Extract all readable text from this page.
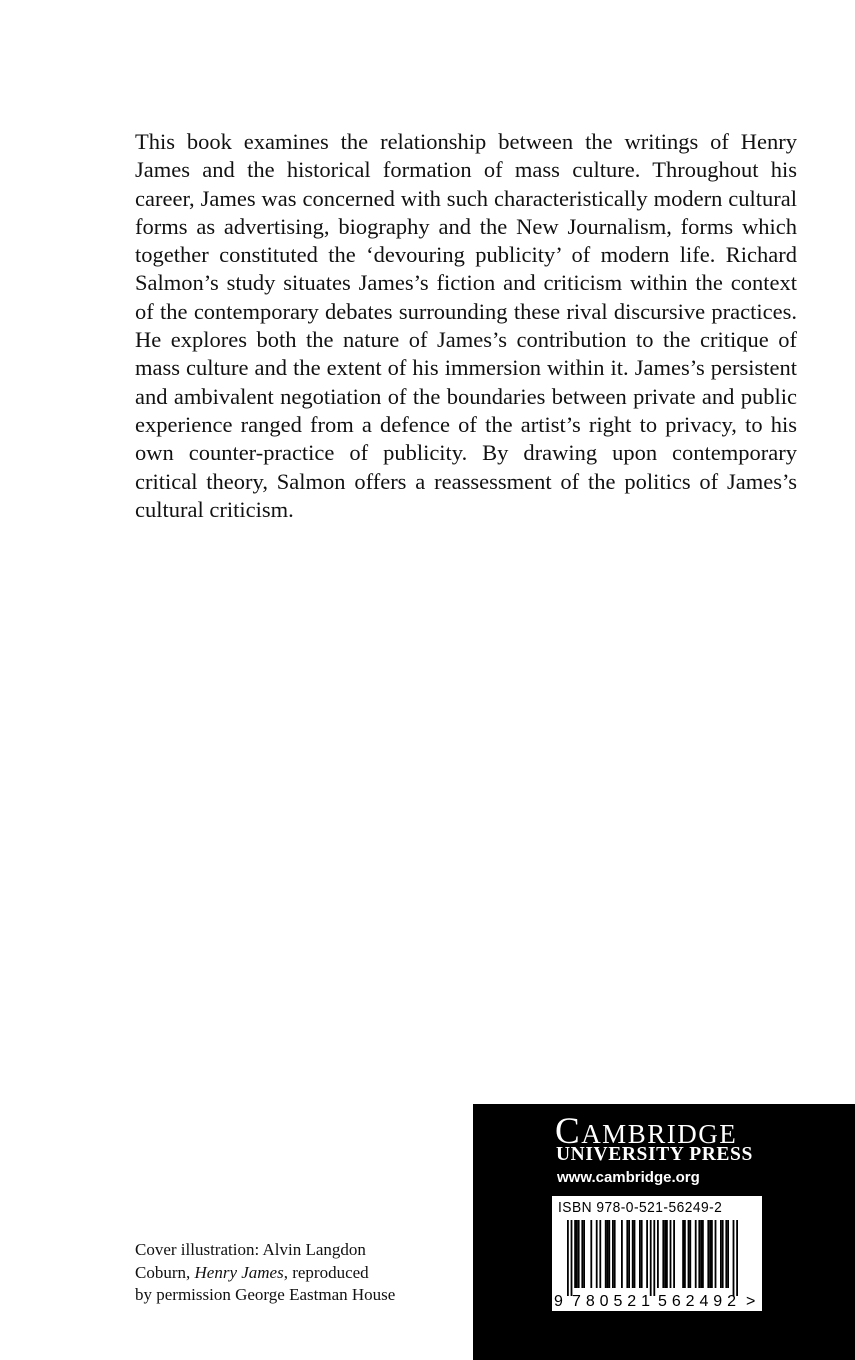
This book examines the relationship between the writings of Henry James and the historical formation of mass culture. Throughout his career, James was concerned with such characteristically modern cultural forms as advertising, biography and the New Journalism, forms which together constituted the ‘devouring publicity’ of modern life. Richard Salmon’s study situates James’s fiction and criticism within the context of the contemporary debates surrounding these rival discursive practices. He explores both the nature of James’s contribution to the critique of mass culture and the extent of his immersion within it. James’s persistent and ambivalent negotiation of the boundaries between private and public experience ranged from a defence of the artist’s right to privacy, to his own counter-practice of publicity. By drawing upon contemporary critical theory, Salmon offers a reassessment of the politics of James’s cultural criticism.

Cover illustration: Alvin Langdon
Coburn, Henry James, reproduced
by permission George Eastman House

CAMBRIDGE
UNIVERSITY PRESS
www.cambridge.org
ISBN 978-0-521-56249-2
9 780521 562492 >
